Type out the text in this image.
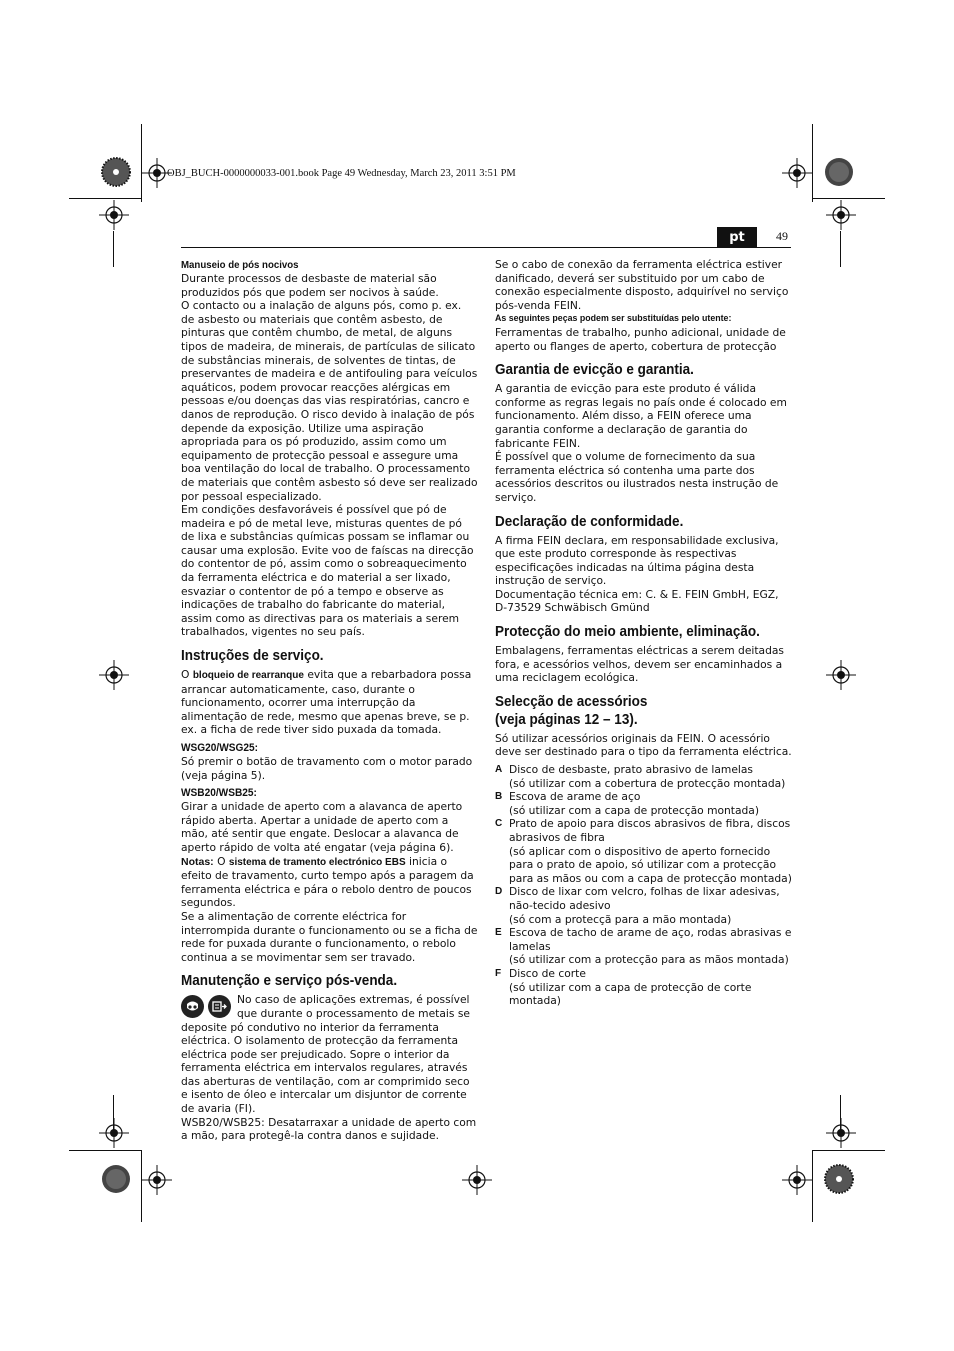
OBJ_BUCH-0000000033-001.book Page 49 Wednesday, March 23, 2011 3:51 PM
pt	49
Manuseio de pós nocivos

Durante processos de desbaste de material são produzidos pós que podem ser nocivos à saúde.

O contacto ou a inalação de alguns pós, como p. ex. de asbesto ou materiais que contêm asbesto, de pinturas que contêm chumbo, de metal, de alguns tipos de madeira, de minerais, de partículas de silicato de substâncias minerais, de solventes de tintas, de preservantes de madeira e de antifouling para veículos aquáticos, podem provocar reacções alérgicas em pessoas e/ou doenças das vias respiratórias, cancro e danos de reprodução. O risco devido à inalação de pós depende da exposição. Utilize uma aspiração apropriada para os pó produzido, assim como um equipamento de protecção pessoal e assegure uma boa ventilação do local de trabalho. O processamento de materiais que contêm asbesto só deve ser realizado por pessoal especializado.

Em condições desfavoráveis é possível que pó de madeira e pó de metal leve, misturas quentes de pó de lixa e substâncias químicas possam se inflamar ou causar uma explosão. Evite voo de faíscas na direcção do contentor de pó, assim como o sobreaquecimento da ferramenta eléctrica e do material a ser lixado, esvaziar o contentor de pó a tempo e observe as indicações de trabalho do fabricante do material, assim como as directivas para os materiais a serem trabalhados, vigentes no seu país.

Instruções de serviço.

O bloqueio de rearranque evita que a rebarbadora possa arrancar automaticamente, caso, durante o funcionamento, ocorrer uma interrupção da alimentação de rede, mesmo que apenas breve, se p. ex. a ficha de rede tiver sido puxada da tomada.

WSG20/WSG25:

Só premir o botão de travamento com o motor parado (veja página 5).

WSB20/WSB25:

Girar a unidade de aperto com a alavanca de aperto rápido aberta. Apertar a unidade de aperto com a mão, até sentir que engate. Deslocar a alavanca de aperto rápido de volta até engatar (veja página 6).

Notas: O sistema de tramento electrónico EBS inicia o efeito de travamento, curto tempo após a paragem da ferramenta eléctrica e pára o rebolo dentro de poucos segundos.

Se a alimentação de corrente eléctrica for interrompida durante o funcionamento ou se a ficha de rede for puxada durante o funcionamento, o rebolo continua a se movimentar sem ser travado.

Manutenção e serviço pós-venda.

No caso de aplicações extremas, é possível que durante o processamento de metais se deposite pó condutivo no interior da ferramenta eléctrica. O isolamento de protecção da ferramenta eléctrica pode ser prejudicado. Sopre o interior da ferramenta eléctrica em intervalos regulares, através das aberturas de ventilação, com ar comprimido seco e isento de óleo e intercalar um disjuntor de corrente de avaria (FI).

WSB20/WSB25: Desatarraxar a unidade de aperto com a mão, para protegê-la contra danos e sujidade.

Se o cabo de conexão da ferramenta eléctrica estiver danificado, deverá ser substituido por um cabo de conexão especialmente disposto, adquirível no serviço pós-venda FEIN.

As seguintes peças podem ser substituídas pelo utente:

Ferramentas de trabalho, punho adicional, unidade de aperto ou flanges de aperto, cobertura de protecção

Garantia de evicção e garantia.

A garantia de evicção para este produto é válida conforme as regras legais no país onde é colocado em funcionamento. Além disso, a FEIN oferece uma garantia conforme a declaração de garantia do fabricante FEIN.

É possível que o volume de fornecimento da sua ferramenta eléctrica só contenha uma parte dos acessórios descritos ou ilustrados nesta instrução de serviço.

Declaração de conformidade.

A firma FEIN declara, em responsabilidade exclusiva, que este produto corresponde às respectivas especificações indicadas na última página desta instrução de serviço.

Documentação técnica em: C. & E. FEIN GmbH, EGZ, D-73529 Schwäbisch Gmünd

Protecção do meio ambiente, eliminação.

Embalagens, ferramentas eléctricas a serem deitadas fora, e acessórios velhos, devem ser encaminhados a uma reciclagem ecológica.

Selecção de acessórios
(veja páginas 12 – 13).

Só utilizar acessórios originais da FEIN. O acessório deve ser destinado para o tipo da ferramenta eléctrica.

A Disco de desbaste, prato abrasivo de lamelas
(só utilizar com a cobertura de protecção montada)
B Escova de arame de aço
(só utilizar com a capa de protecção montada)
C Prato de apoio para discos abrasivos de fibra, discos abrasivos de fibra
(só aplicar com o dispositivo de aperto fornecido para o prato de apoio, só utilizar com a protecção para as mãos ou com a capa de protecção montada)
D Disco de lixar com velcro, folhas de lixar adesivas, não-tecido adesivo
(só com a protecçã para a mão montada)
E Escova de tacho de arame de aço, rodas abrasivas e lamelas
(só utilizar com a protecção para as mãos montada)
F Disco de corte
(só utilizar com a capa de protecção de corte montada)
